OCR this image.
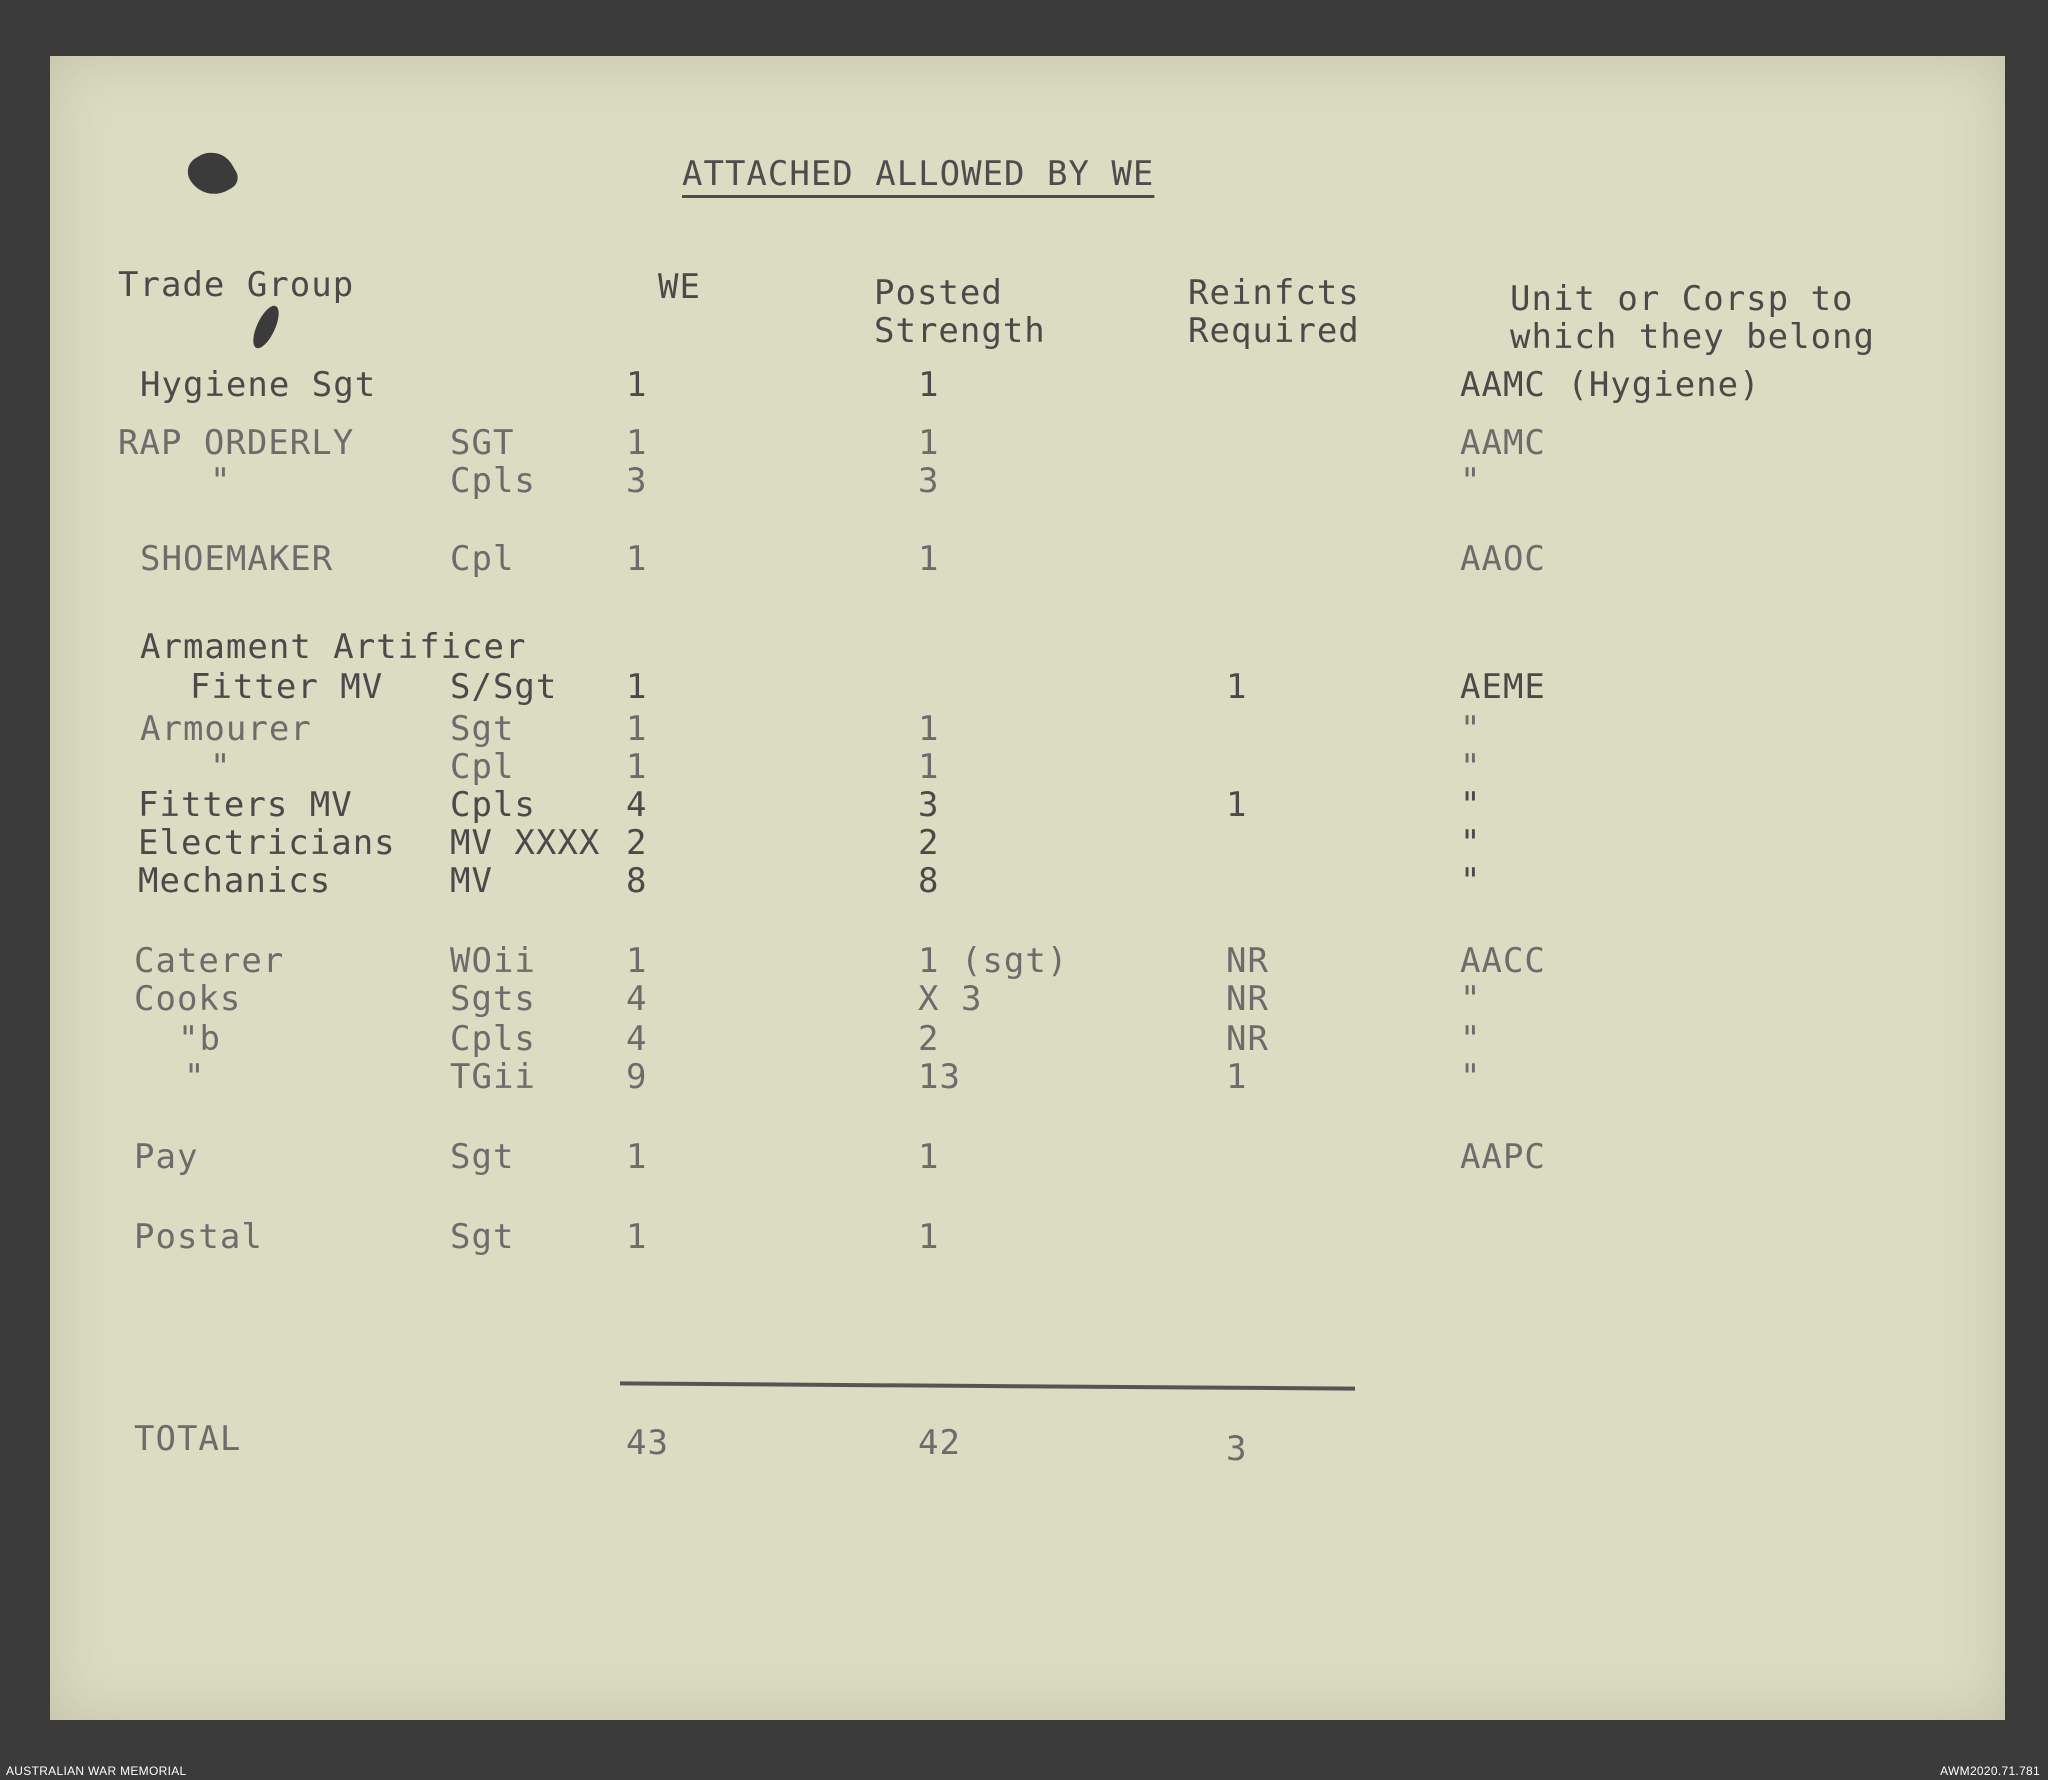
ATTACHED ALLOWED BY WE
Trade Group	WE	Posted
Strength
Reinfcts
Required
Unit or Corsp to
which they belong
Hygiene Sgt	1	1	AAMC (Hygiene)
RAP ORDERLY	SGT	1	1	AAMC
"	Cpls	3	3	"
SHOEMAKER	Cpl	1	1	AAOC
Armament Artificer
Fitter MV S/Sgt 1	1	AEME
Armourer	Sgt	1	1	"
"	Cpl	1	1	"
Fitters MV	Cpls	4	3	1	"
Electricians MV XXXX 2	2	"
Mechanics	MV	8	8	"
Caterer	WOii	1	1 (sgt)	NR	AACC
Cooks	Sgts	4	X 3	NR	"
"b	Cpls	4	2	NR	"
"	TGii	9	13	1	"
Pay	Sgt	1	1	AAPC
Postal	Sgt	1	1
TOTAL	43	42	3
AUSTRALIAN WAR MEMORIAL	AWM2020.71.781
